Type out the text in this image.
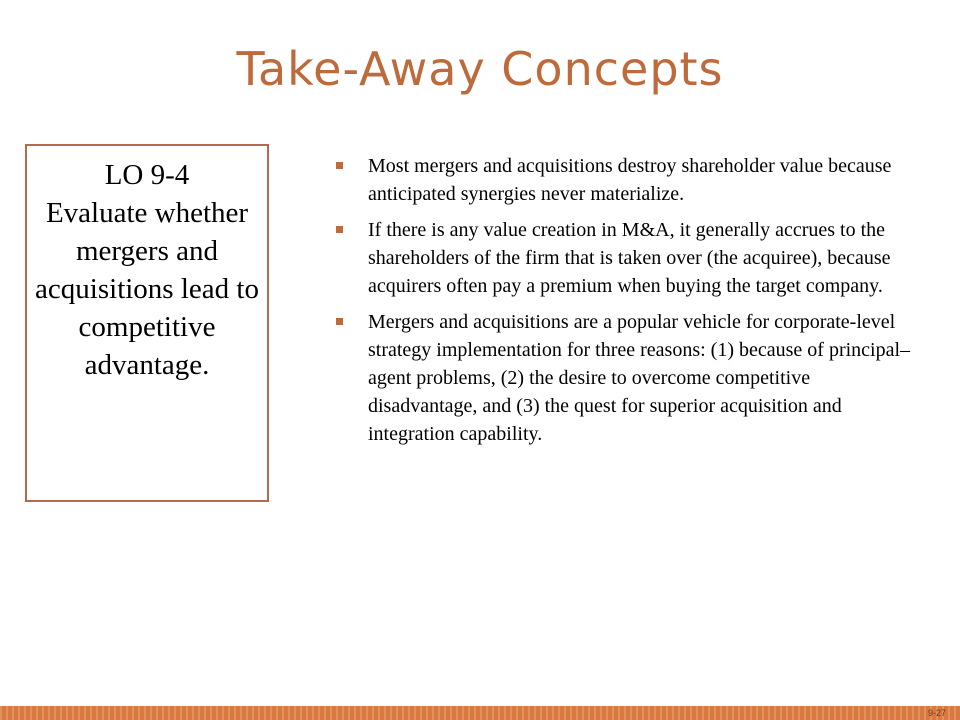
Take-Away Concepts
LO 9-4
Evaluate whether mergers and acquisitions lead to competitive advantage.
Most mergers and acquisitions destroy shareholder value because anticipated synergies never materialize.
If there is any value creation in M&A, it generally accrues to the shareholders of the firm that is taken over (the acquiree), because acquirers often pay a premium when buying the target company.
Mergers and acquisitions are a popular vehicle for corporate-level strategy implementation for three reasons: (1) because of principal–agent problems, (2) the desire to overcome competitive disadvantage, and (3) the quest for superior acquisition and integration capability.
9-27
